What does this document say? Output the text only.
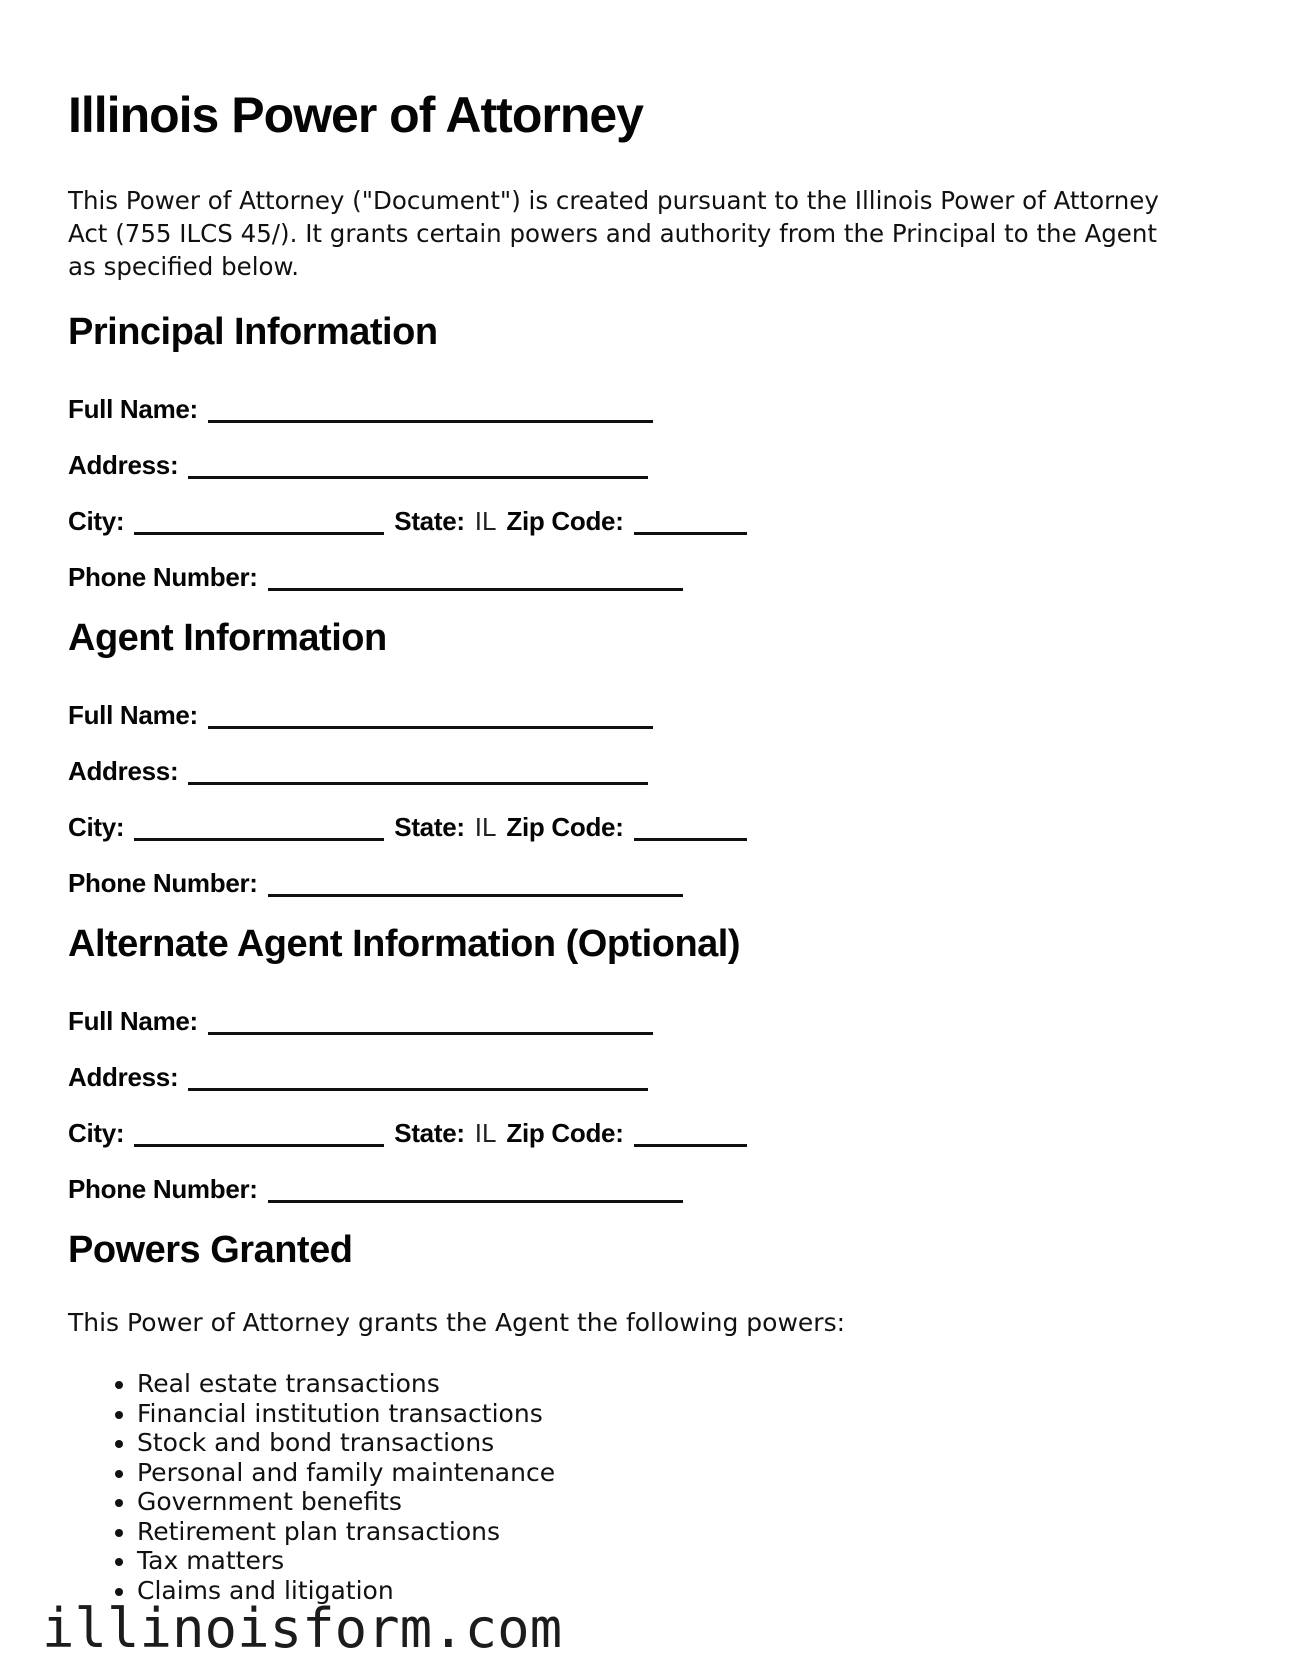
Illinois Power of Attorney
This Power of Attorney ("Document") is created pursuant to the Illinois Power of Attorney
Act (755 ILCS 45/). It grants certain powers and authority from the Principal to the Agent
as specified below.
Principal Information
Full Name:
Address:
City:	State: IL Zip Code:
Phone Number:
Agent Information
Full Name:
Address:
City:	State: IL Zip Code:
Phone Number:
Alternate Agent Information (Optional)
Full Name:
Address:
City:	State: IL Zip Code:
Phone Number:
Powers Granted
This Power of Attorney grants the Agent the following powers:
• Real estate transactions
• Financial institution transactions
• Stock and bond transactions
• Personal and family maintenance
• Government benefits
• Retirement plan transactions
• Tax matters
• Claims and litigation
illinoisform.com
